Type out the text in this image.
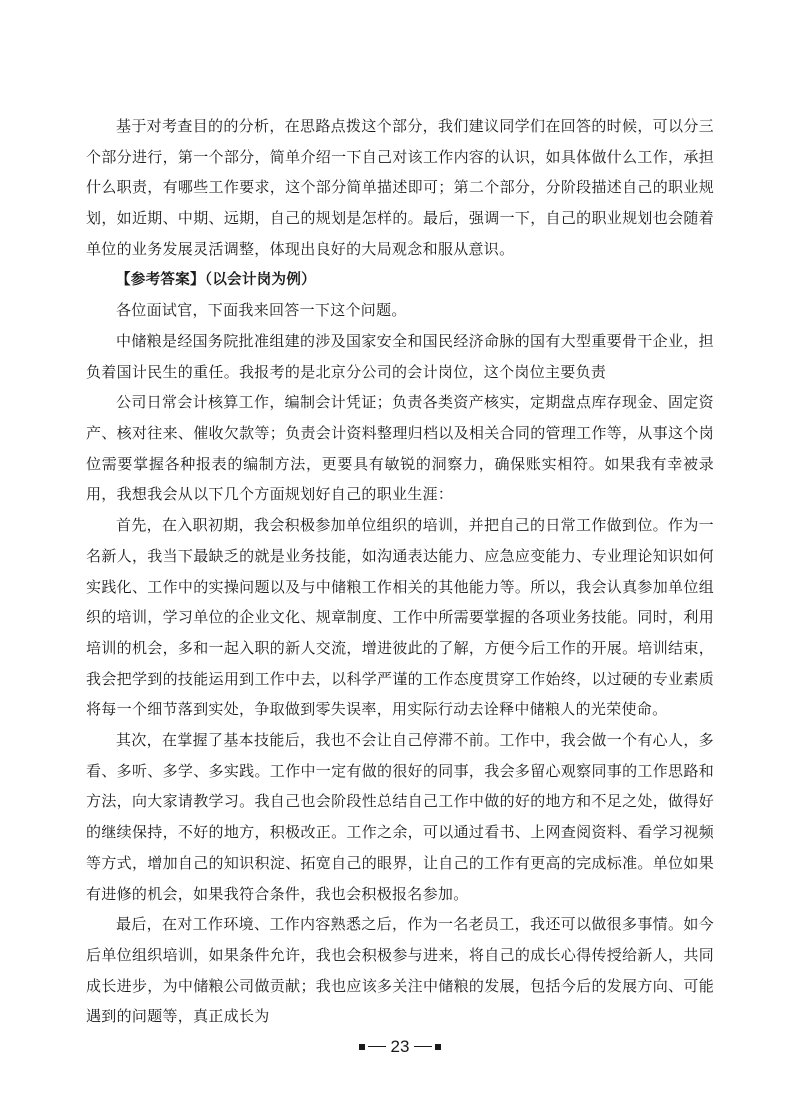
基于对考查目的的分析，在思路点拨这个部分，我们建议同学们在回答的时候，可以分三个部分进行，第一个部分，简单介绍一下自己对该工作内容的认识，如具体做什么工作，承担什么职责，有哪些工作要求，这个部分简单描述即可；第二个部分，分阶段描述自己的职业规划，如近期、中期、远期，自己的规划是怎样的。最后，强调一下，自己的职业规划也会随着单位的业务发展灵活调整，体现出良好的大局观念和服从意识。

【参考答案】（以会计岗为例）

各位面试官，下面我来回答一下这个问题。

中储粮是经国务院批准组建的涉及国家安全和国民经济命脉的国有大型重要骨干企业，担负着国计民生的重任。我报考的是北京分公司的会计岗位，这个岗位主要负责

公司日常会计核算工作，编制会计凭证；负责各类资产核实，定期盘点库存现金、固定资产、核对往来、催收欠款等；负责会计资料整理归档以及相关合同的管理工作等，从事这个岗位需要掌握各种报表的编制方法，更要具有敏锐的洞察力，确保账实相符。如果我有幸被录用，我想我会从以下几个方面规划好自己的职业生涯：

首先，在入职初期，我会积极参加单位组织的培训，并把自己的日常工作做到位。作为一名新人，我当下最缺乏的就是业务技能，如沟通表达能力、应急应变能力、专业理论知识如何实践化、工作中的实操问题以及与中储粮工作相关的其他能力等。所以，我会认真参加单位组织的培训，学习单位的企业文化、规章制度、工作中所需要掌握的各项业务技能。同时，利用培训的机会，多和一起入职的新人交流，增进彼此的了解，方便今后工作的开展。培训结束，我会把学到的技能运用到工作中去，以科学严谨的工作态度贯穿工作始终，以过硬的专业素质将每一个细节落到实处，争取做到零失误率，用实际行动去诠释中储粮人的光荣使命。

其次，在掌握了基本技能后，我也不会让自己停滞不前。工作中，我会做一个有心人，多看、多听、多学、多实践。工作中一定有做的很好的同事，我会多留心观察同事的工作思路和方法，向大家请教学习。我自己也会阶段性总结自己工作中做的好的地方和不足之处，做得好的继续保持，不好的地方，积极改正。工作之余，可以通过看书、上网查阅资料、看学习视频等方式，增加自己的知识积淀、拓宽自己的眼界，让自己的工作有更高的完成标准。单位如果有进修的机会，如果我符合条件，我也会积极报名参加。

最后，在对工作环境、工作内容熟悉之后，作为一名老员工，我还可以做很多事情。如今后单位组织培训，如果条件允许，我也会积极参与进来，将自己的成长心得传授给新人，共同成长进步，为中储粮公司做贡献；我也应该多关注中储粮的发展，包括今后的发展方向、可能遇到的问题等，真正成长为

23
